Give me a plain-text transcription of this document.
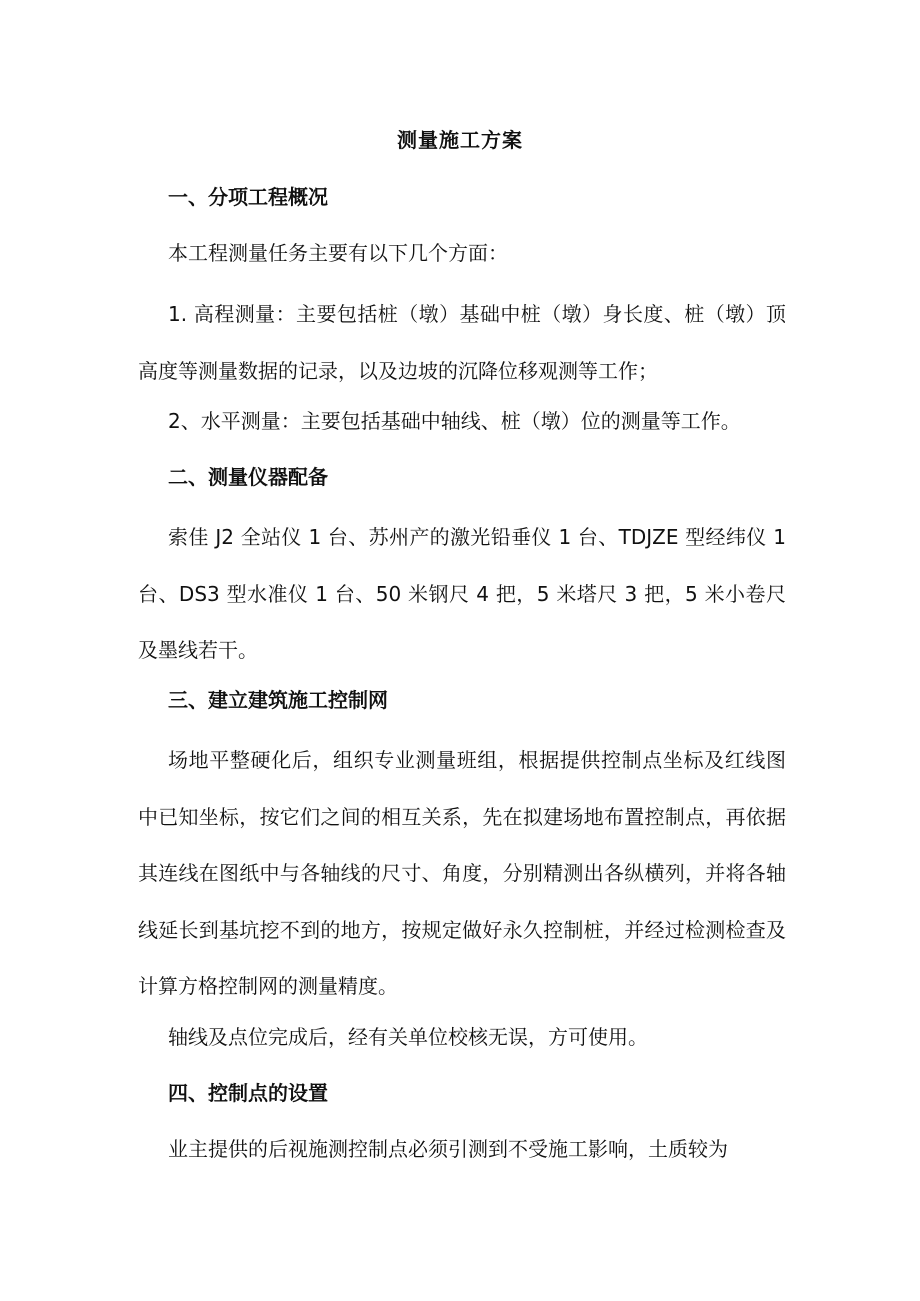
测量施工方案
一、分项工程概况
本工程测量任务主要有以下几个方面：
1. 高程测量：主要包括桩（墩）基础中桩（墩）身长度、桩（墩）顶高度等测量数据的记录，以及边坡的沉降位移观测等工作；
2、水平测量：主要包括基础中轴线、桩（墩）位的测量等工作。
二、测量仪器配备
索佳 J2 全站仪 1 台、苏州产的激光铅垂仪 1 台、TDJZE 型经纬仪 1 台、DS3 型水准仪 1 台、50 米钢尺 4 把，5 米塔尺 3 把，5 米小卷尺及墨线若干。
三、建立建筑施工控制网
场地平整硬化后，组织专业测量班组，根据提供控制点坐标及红线图中已知坐标，按它们之间的相互关系，先在拟建场地布置控制点，再依据其连线在图纸中与各轴线的尺寸、角度，分别精测出各纵横列，并将各轴线延长到基坑挖不到的地方，按规定做好永久控制桩，并经过检测检查及计算方格控制网的测量精度。
轴线及点位完成后，经有关单位校核无误，方可使用。
四、控制点的设置
业主提供的后视施测控制点必须引测到不受施工影响，土质较为
